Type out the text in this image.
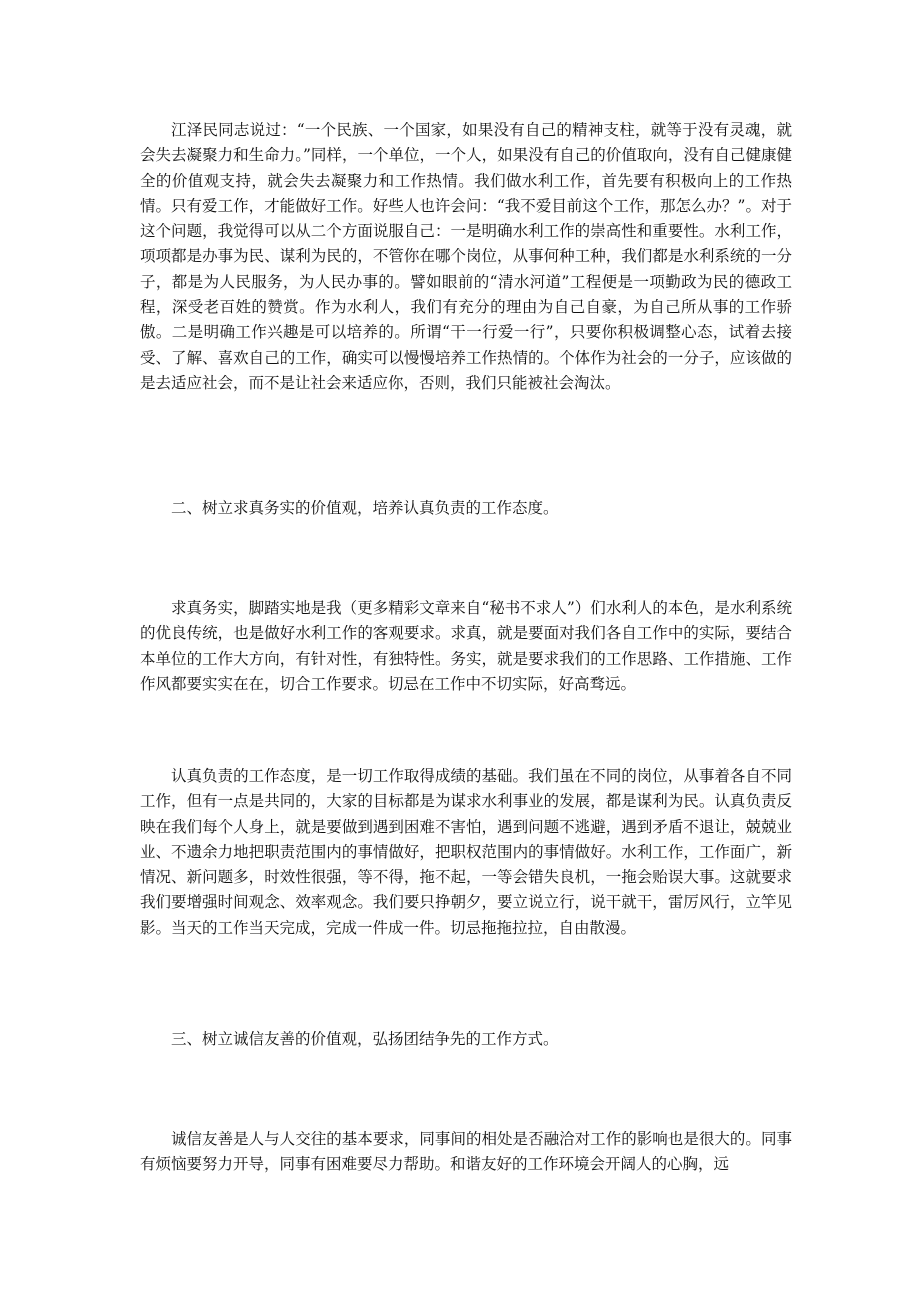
江泽民同志说过：“一个民族、一个国家，如果没有自己的精神支柱，就等于没有灵魂，就会失去凝聚力和生命力。”同样，一个单位，一个人，如果没有自己的价值取向，没有自己健康健全的价值观支持，就会失去凝聚力和工作热情。我们做水利工作，首先要有积极向上的工作热情。只有爱工作，才能做好工作。好些人也许会问：“我不爱目前这个工作，那怎么办？”。对于这个问题，我觉得可以从二个方面说服自己：一是明确水利工作的崇高性和重要性。水利工作，项项都是办事为民、谋利为民的，不管你在哪个岗位，从事何种工种，我们都是水利系统的一分子，都是为人民服务，为人民办事的。譬如眼前的“清水河道”工程便是一项勤政为民的德政工程，深受老百姓的赞赏。作为水利人，我们有充分的理由为自己自豪，为自己所从事的工作骄傲。二是明确工作兴趣是可以培养的。所谓“干一行爱一行”，只要你积极调整心态，试着去接受、了解、喜欢自己的工作，确实可以慢慢培养工作热情的。个体作为社会的一分子，应该做的是去适应社会，而不是让社会来适应你，否则，我们只能被社会淘汰。

二、树立求真务实的价值观，培养认真负责的工作态度。

求真务实，脚踏实地是我（更多精彩文章来自“秘书不求人”）们水利人的本色，是水利系统的优良传统，也是做好水利工作的客观要求。求真，就是要面对我们各自工作中的实际，要结合本单位的工作大方向，有针对性，有独特性。务实，就是要求我们的工作思路、工作措施、工作作风都要实实在在，切合工作要求。切忌在工作中不切实际，好高骛远。

认真负责的工作态度，是一切工作取得成绩的基础。我们虽在不同的岗位，从事着各自不同工作，但有一点是共同的，大家的目标都是为谋求水利事业的发展，都是谋利为民。认真负责反映在我们每个人身上，就是要做到遇到困难不害怕，遇到问题不逃避，遇到矛盾不退让，兢兢业业、不遗余力地把职责范围内的事情做好，把职权范围内的事情做好。水利工作，工作面广，新情况、新问题多，时效性很强，等不得，拖不起，一等会错失良机，一拖会贻误大事。这就要求我们要增强时间观念、效率观念。我们要只挣朝夕，要立说立行，说干就干，雷厉风行，立竿见影。当天的工作当天完成，完成一件成一件。切忌拖拖拉拉，自由散漫。

三、树立诚信友善的价值观，弘扬团结争先的工作方式。

诚信友善是人与人交往的基本要求，同事间的相处是否融洽对工作的影响也是很大的。同事有烦恼要努力开导，同事有困难要尽力帮助。和谐友好的工作环境会开阔人的心胸，远
